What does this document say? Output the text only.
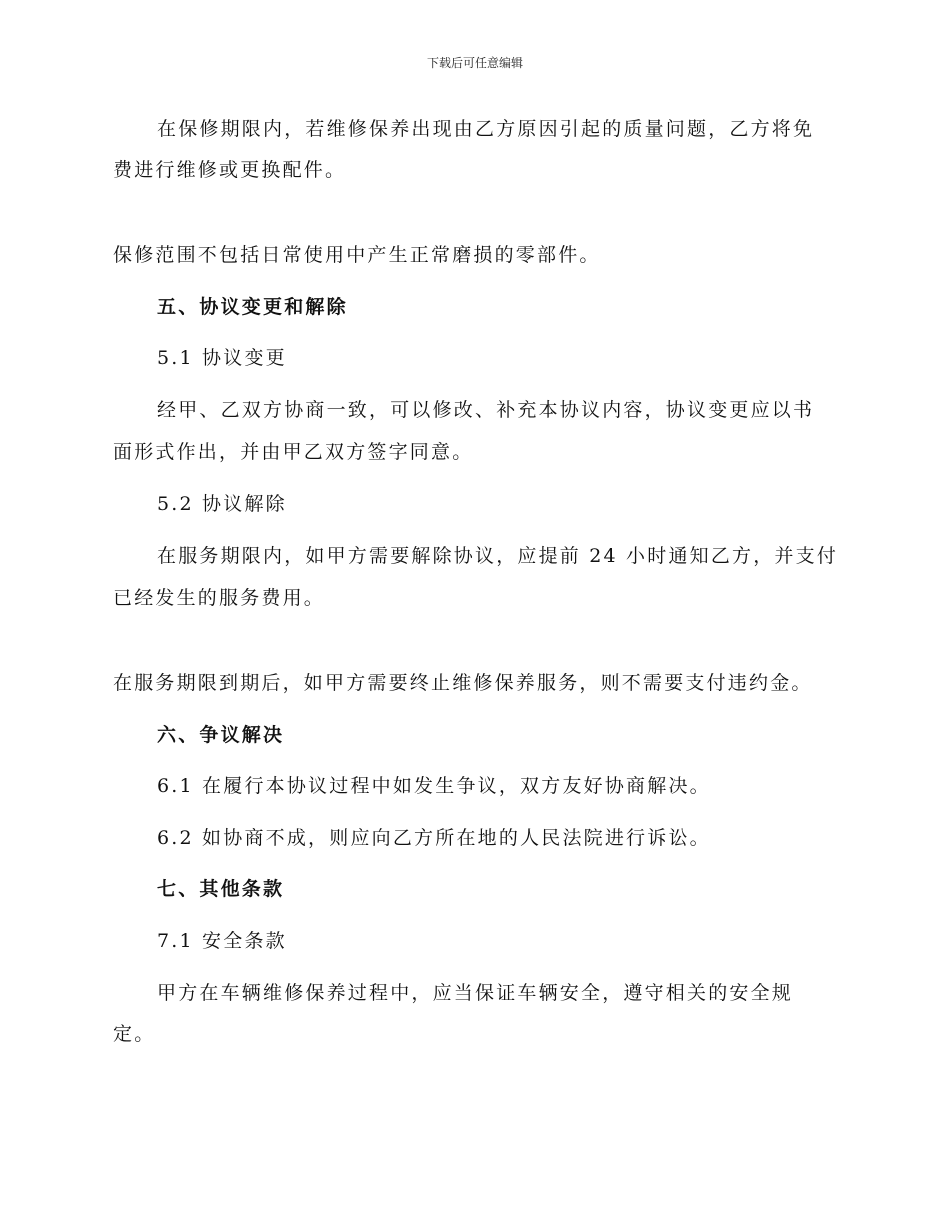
下载后可任意编辑
在保修期限内，若维修保养出现由乙方原因引起的质量问题，乙方将免
费进行维修或更换配件。
保修范围不包括日常使用中产生正常磨损的零部件。
五、协议变更和解除
5.1 协议变更
经甲、乙双方协商一致，可以修改、补充本协议内容，协议变更应以书
面形式作出，并由甲乙双方签字同意。
5.2 协议解除
在服务期限内，如甲方需要解除协议，应提前 24 小时通知乙方，并支付
已经发生的服务费用。
在服务期限到期后，如甲方需要终止维修保养服务，则不需要支付违约金。
六、争议解决
6.1 在履行本协议过程中如发生争议，双方友好协商解决。
6.2 如协商不成，则应向乙方所在地的人民法院进行诉讼。
七、其他条款
7.1 安全条款
甲方在车辆维修保养过程中，应当保证车辆安全，遵守相关的安全规
定。
